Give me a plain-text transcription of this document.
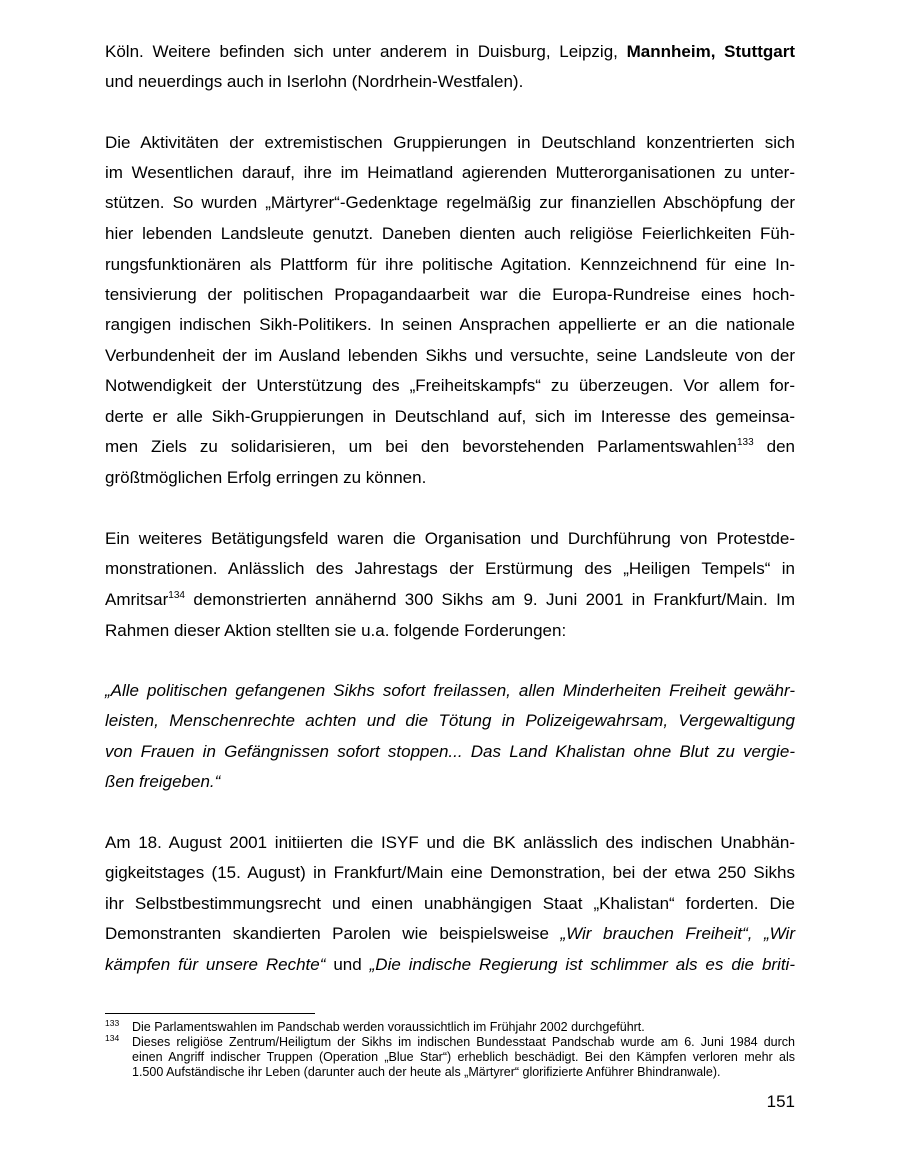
Köln. Weitere befinden sich unter anderem in Duisburg, Leipzig, Mannheim, Stuttgart
und neuerdings auch in Iserlohn (Nordrhein-Westfalen).
Die Aktivitäten der extremistischen Gruppierungen in Deutschland konzentrierten sich
im Wesentlichen darauf, ihre im Heimatland agierenden Mutterorganisationen zu unter-
stützen. So wurden „Märtyrer“-Gedenktage regelmäßig zur finanziellen Abschöpfung der
hier lebenden Landsleute genutzt. Daneben dienten auch religiöse Feierlichkeiten Füh-
rungsfunktionären als Plattform für ihre politische Agitation. Kennzeichnend für eine In-
tensivierung der politischen Propagandaarbeit war die Europa-Rundreise eines hoch-
rangigen indischen Sikh-Politikers. In seinen Ansprachen appellierte er an die nationale
Verbundenheit der im Ausland lebenden Sikhs und versuchte, seine Landsleute von der
Notwendigkeit der Unterstützung des „Freiheitskampfs“ zu überzeugen. Vor allem for-
derte er alle Sikh-Gruppierungen in Deutschland auf, sich im Interesse des gemeinsa-
men Ziels zu solidarisieren, um bei den bevorstehenden Parlamentswahlen$^{133}$ den
größtmöglichen Erfolg erringen zu können.
Ein weiteres Betätigungsfeld waren die Organisation und Durchführung von Protestde-
monstrationen. Anlässlich des Jahrestags der Erstürmung des „Heiligen Tempels“ in
Amritsar$^{134}$ demonstrierten annähernd 300 Sikhs am 9. Juni 2001 in Frankfurt/Main. Im
Rahmen dieser Aktion stellten sie u.a. folgende Forderungen:
„Alle politischen gefangenen Sikhs sofort freilassen, allen Minderheiten Freiheit gewähr-
leisten, Menschenrechte achten und die Tötung in Polizeigewahrsam, Vergewaltigung
von Frauen in Gefängnissen sofort stoppen... Das Land Khalistan ohne Blut zu vergie-
ßen freigeben.“
Am 18. August 2001 initiierten die ISYF und die BK anlässlich des indischen Unabhän-
gigkeitstages (15. August) in Frankfurt/Main eine Demonstration, bei der etwa 250 Sikhs
ihr Selbstbestimmungsrecht und einen unabhängigen Staat „Khalistan“ forderten. Die
Demonstranten skandierten Parolen wie beispielsweise „Wir brauchen Freiheit“, „Wir
kämpfen für unsere Rechte“ und „Die indische Regierung ist schlimmer als es die briti-
133 Die Parlamentswahlen im Pandschab werden voraussichtlich im Frühjahr 2002 durchgeführt.
134 Dieses religiöse Zentrum/Heiligtum der Sikhs im indischen Bundesstaat Pandschab wurde am 6. Juni 1984 durch
einen Angriff indischer Truppen (Operation „Blue Star“) erheblich beschädigt. Bei den Kämpfen verloren mehr als
1.500 Aufständische ihr Leben (darunter auch der heute als „Märtyrer“ glorifizierte Anführer Bhindranwale).
151
